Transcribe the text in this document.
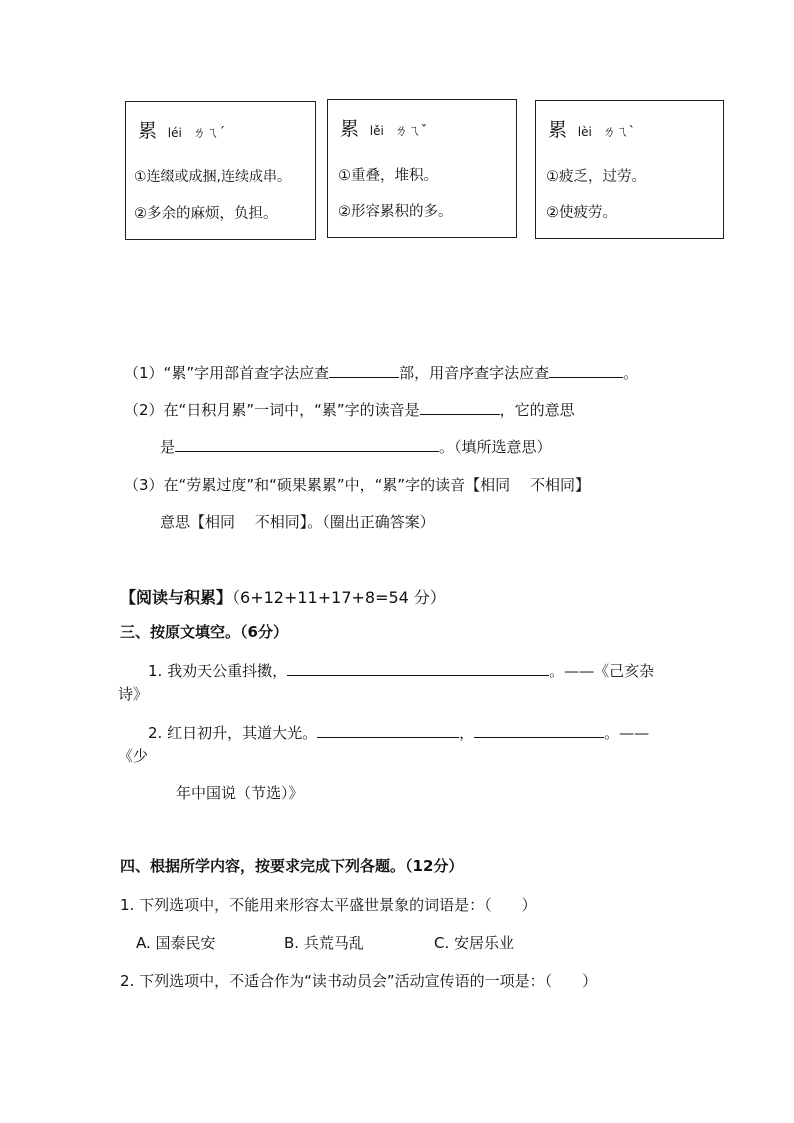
累 léi ㄌㄟˊ
①连缀或成捆,连续成串。
②多余的麻烦，负担。
累 lěi ㄌㄟˇ
①重叠，堆积。
②形容累积的多。
累 lèi ㄌㄟˋ
①疲乏，过劳。
②使疲劳。
（1）“累”字用部首查字法应查	部，用音序查字法应查	。
（2）在“日积月累”一词中，“累”字的读音是	，它的意思
是	。（填所选意思）
（3）在“劳累过度”和“硕果累累”中，“累”字的读音【相同　 不相同】
意思【相同　 不相同】。（圈出正确答案）
【阅读与积累】（6+12+11+17+8=54 分）
三、按原文填空。（6分）
1. 我劝天公重抖擞，	。——《己亥杂
诗》
2. 红日初升，其道大光。	，	。——
《少
年中国说（节选）》
四、根据所学内容，按要求完成下列各题。（12分）
1. 下列选项中，不能用来形容太平盛世景象的词语是：（　　）
A. 国泰民安	B. 兵荒马乱	C. 安居乐业
2. 下列选项中，不适合作为“读书动员会”活动宣传语的一项是：（　　）
